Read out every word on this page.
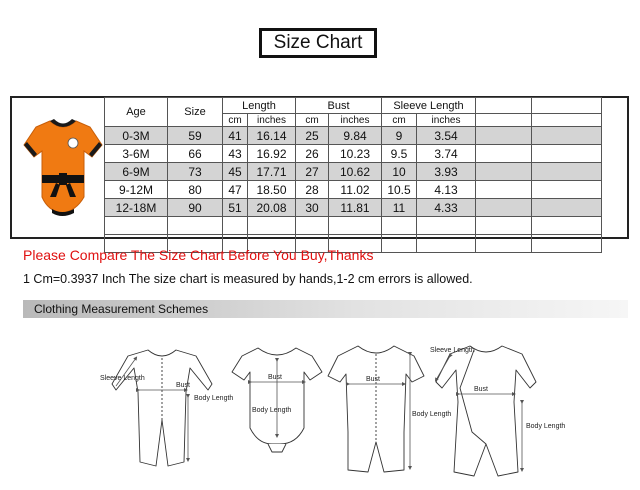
Size Chart
Age	Size	Length		Bust		Sleeve Length			
		cm	inches	cm	inches	cm	inches		
0-3M	59	41	16.14	25	9.84	9	3.54		
3-6M	66	43	16.92	26	10.23	9.5	3.74		
6-9M	73	45	17.71	27	10.62	10	3.93		
9-12M	80	47	18.50	28	11.02	10.5	4.13		
12-18M	90	51	20.08	30	11.81	11	4.33		

Please Compare The Size Chart Before You Buy,Thanks
1 Cm=0.3937 Inch The size chart is measured by hands,1-2 cm errors is allowed.
Clothing Measurement Schemes
Sleeve Length
Bust
Body Length
Bust
Body Length
Bust
Body Length
Sleeve Length
Bust
Body Length
